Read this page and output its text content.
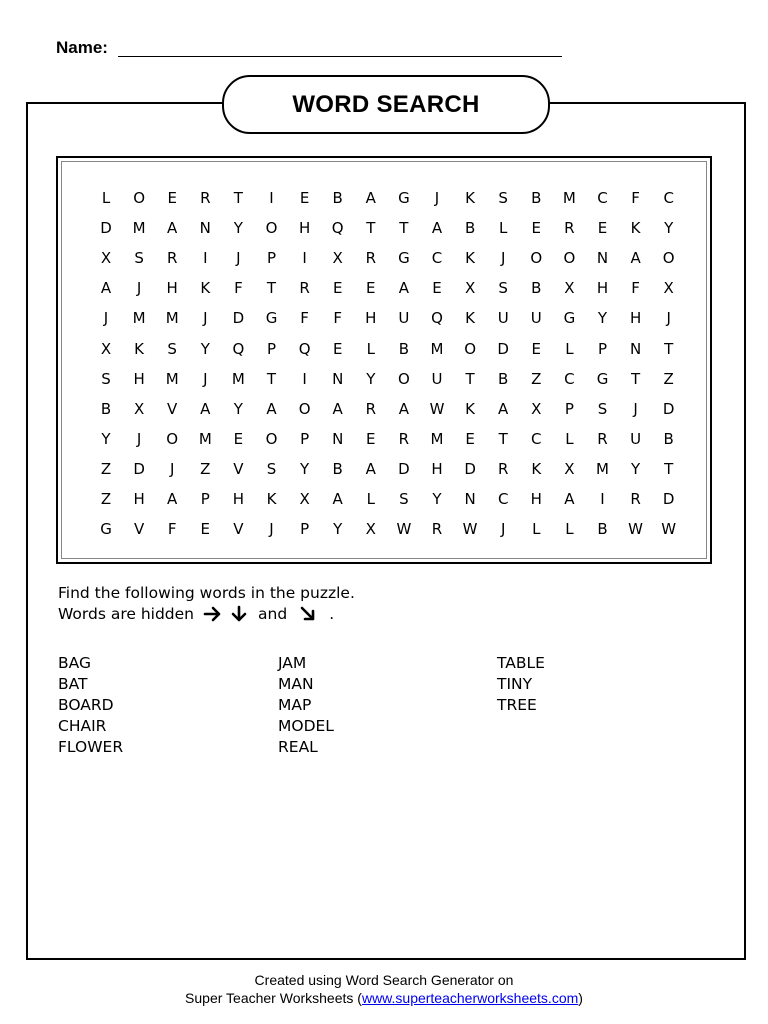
Name:
WORD SEARCH
L	O	E	R	T	I	E	B	A	G	J	K	S	B	M	C	F	C
D	M	A	N	Y	O	H	Q	T	T	A	B	L	E	R	E	K	Y
X	S	R	I	J	P	I	X	R	G	C	K	J	O	O	N	A	O
A	J	H	K	F	T	R	E	E	A	E	X	S	B	X	H	F	X
J	M	M	J	D	G	F	F	H	U	Q	K	U	U	G	Y	H	J
X	K	S	Y	Q	P	Q	E	L	B	M	O	D	E	L	P	N	T
S	H	M	J	M	T	I	N	Y	O	U	T	B	Z	C	G	T	Z
B	X	V	A	Y	A	O	A	R	A	W	K	A	X	P	S	J	D
Y	J	O	M	E	O	P	N	E	R	M	E	T	C	L	R	U	B
Z	D	J	Z	V	S	Y	B	A	D	H	D	R	K	X	M	Y	T
Z	H	A	P	H	K	X	A	L	S	Y	N	C	H	A	I	R	D
G	V	F	E	V	J	P	Y	X	W	R	W	J	L	L	B	W	W
Find the following words in the puzzle.
Words are hidden	and	.
BAG
BAT
BOARD
CHAIR
FLOWER
JAM
MAN
MAP
MODEL
REAL
TABLE
TINY
TREE
Created using Word Search Generator on
Super Teacher Worksheets (www.superteacherworksheets.com)
